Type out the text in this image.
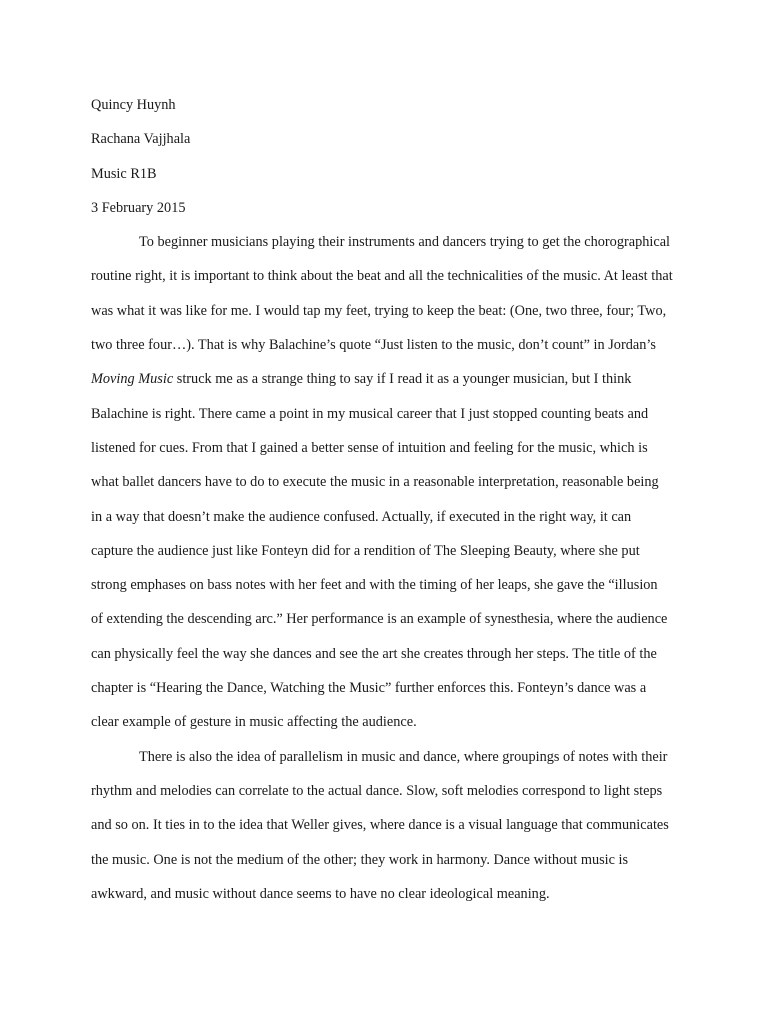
Quincy Huynh
Rachana Vajjhala
Music R1B
3 February 2015

To beginner musicians playing their instruments and dancers trying to get the chorographical
routine right, it is important to think about the beat and all the technicalities of the music. At least that
was what it was like for me. I would tap my feet, trying to keep the beat: (One, two three, four; Two,
two three four…). That is why Balachine’s quote “Just listen to the music, don’t count” in Jordan’s
Moving Music struck me as a strange thing to say if I read it as a younger musician, but I think
Balachine is right. There came a point in my musical career that I just stopped counting beats and
listened for cues. From that I gained a better sense of intuition and feeling for the music, which is
what ballet dancers have to do to execute the music in a reasonable interpretation, reasonable being
in a way that doesn’t make the audience confused. Actually, if executed in the right way, it can
capture the audience just like Fonteyn did for a rendition of The Sleeping Beauty, where she put
strong emphases on bass notes with her feet and with the timing of her leaps, she gave the “illusion
of extending the descending arc.” Her performance is an example of synesthesia, where the audience
can physically feel the way she dances and see the art she creates through her steps. The title of the
chapter is “Hearing the Dance, Watching the Music” further enforces this. Fonteyn’s dance was a
clear example of gesture in music affecting the audience.

There is also the idea of parallelism in music and dance, where groupings of notes with their
rhythm and melodies can correlate to the actual dance. Slow, soft melodies correspond to light steps
and so on. It ties in to the idea that Weller gives, where dance is a visual language that communicates
the music. One is not the medium of the other; they work in harmony. Dance without music is
awkward, and music without dance seems to have no clear ideological meaning.
